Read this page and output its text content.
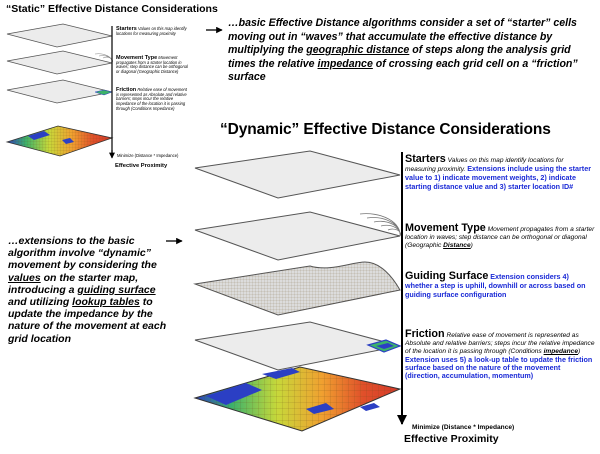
“Static” Effective Distance Considerations
“Dynamic” Effective Distance Considerations
…basic Effective Distance algorithms consider a set of “starter” cells moving out in “waves” that accumulate the effective distance by multiplying the geographic distance of steps along the analysis grid times the relative impedance of crossing each grid cell on a “friction” surface
…extensions to the basic algorithm involve “dynamic” movement by considering the values on the starter map, introducing a guiding surface and utilizing lookup tables to update the impedance by the nature of the movement at each grid location
Starters Values on this map identify locations for measuring proximity
Movement Type Movement propagates from a starter location in waves; step distance can be orthogonal or diagonal (Geographic Distance)
Friction Relative ease of movement is represented as Absolute and relative barriers; steps incur the relative impedance of the location it is passing through (Conditions Impedance)
Minimize (Distance * Impedance)
Effective Proximity
Starters Values on this map identify locations for measuring proximity. Extensions include using the starter value to 1) indicate movement weights, 2) indicate starting distance value and 3) starter location ID#
Movement Type Movement propagates from a starter location in waves; step distance can be orthogonal or diagonal (Geographic Distance)
Guiding Surface Extension considers 4) whether a step is uphill, downhill or across based on guiding surface configuration
Friction Relative ease of movement is represented as Absolute and relative barriers; steps incur the relative impedance of the location it is passing through (Conditions impedance)
Extension uses 5) a look-up table to update the friction surface based on the nature of the movement (direction, accumulation, momentum)
Minimize (Distance * Impedance)
Effective Proximity
